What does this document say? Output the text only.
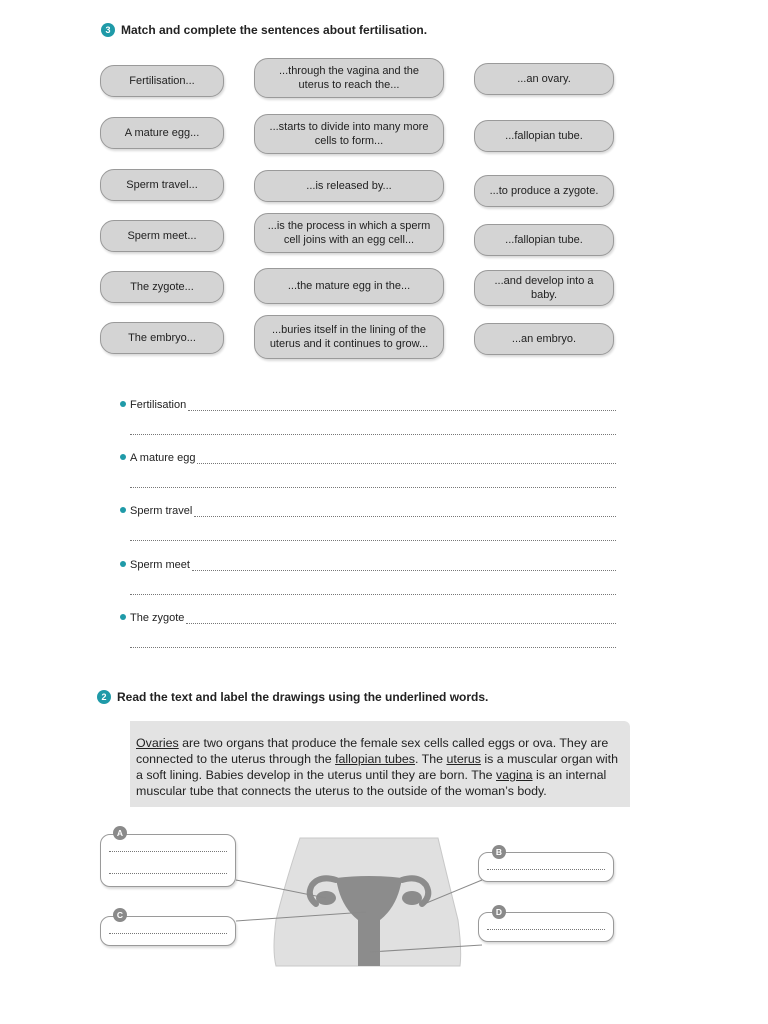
3 Match and complete the sentences about fertilisation.
Fertilisation...
A mature egg...
Sperm travel...
Sperm meet...
The zygote...
The embryo...
...through the vagina and the uterus to reach the...
...starts to divide into many more cells to form...
...is released by...
...is the process in which a sperm cell joins with an egg cell...
...the mature egg in the...
...buries itself in the lining of the uterus and it continues to grow...
...an ovary.
...fallopian tube.
...to produce a zygote.
...fallopian tube.
...and develop into a baby.
...an embryo.
Fertilisation
A mature egg
Sperm travel
Sperm meet
The zygote
2 Read the text and label the drawings using the underlined words.
Ovaries are two organs that produce the female sex cells called eggs or ova. They are connected to the uterus through the fallopian tubes. The uterus is a muscular organ with a soft lining. Babies develop in the uterus until they are born. The vagina is an internal muscular tube that connects the uterus to the outside of the woman’s body.
A
C
B
D
